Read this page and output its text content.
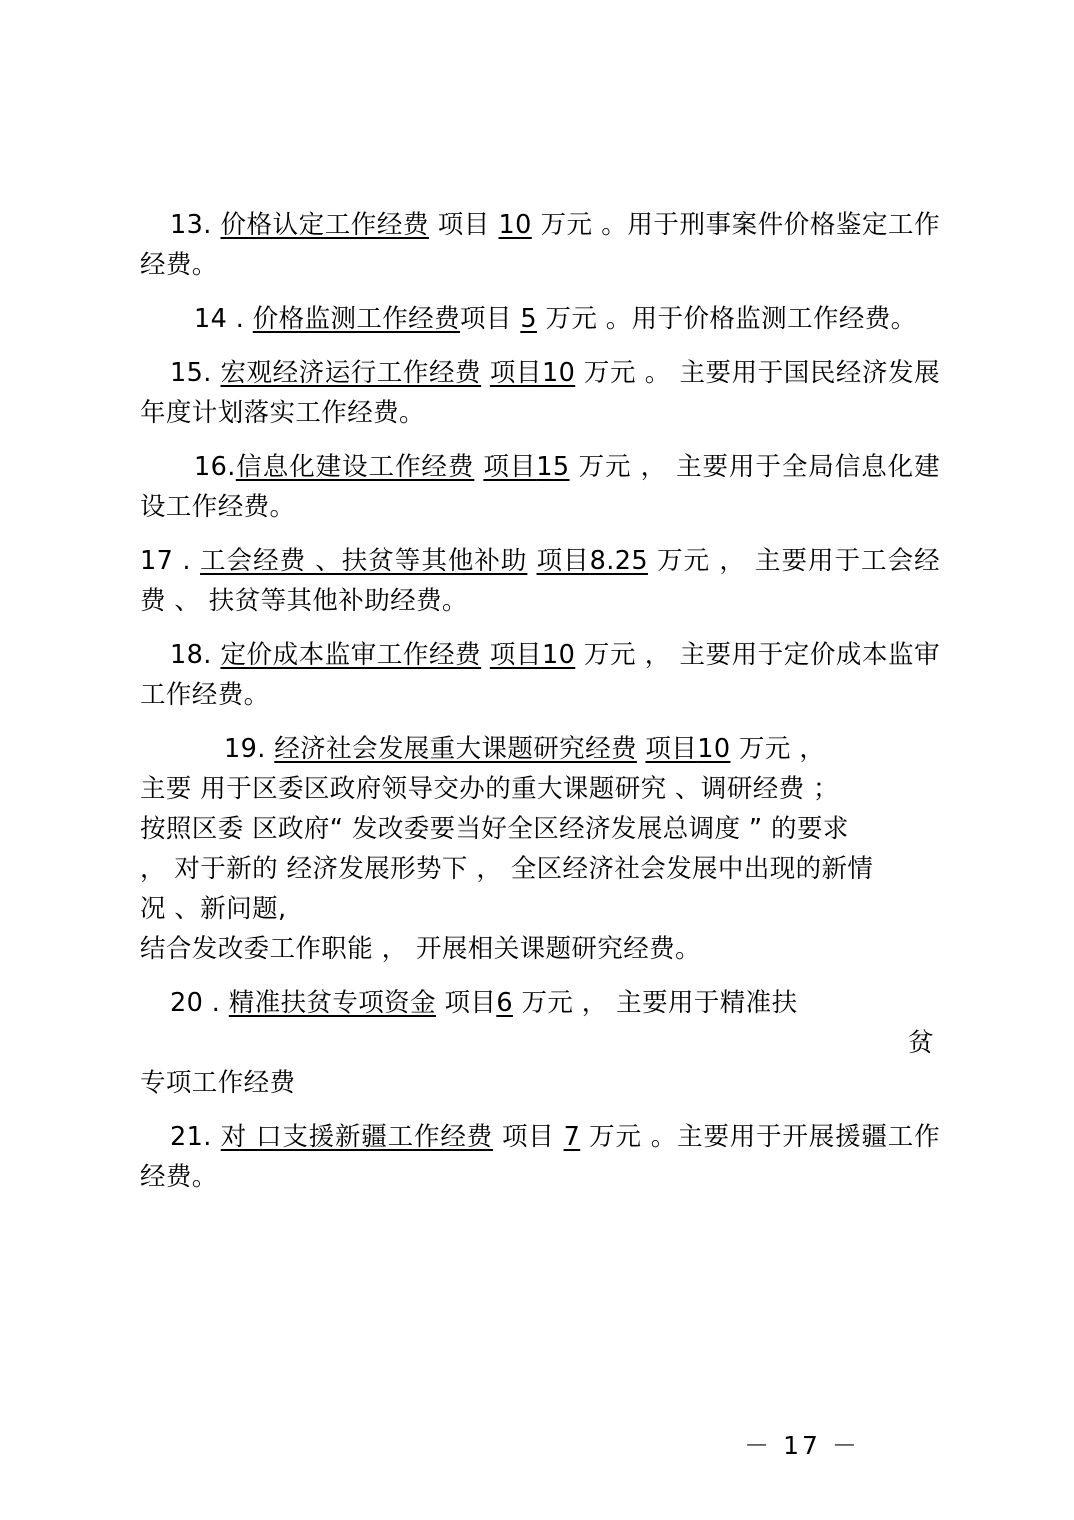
13. 价格认定工作经费 项目 10 万元 。用于刑事案件价格鉴定工作经费。

14 . 价格监测工作经费项目 5 万元 。用于价格监测工作经费。

15. 宏观经济运行工作经费 项目10 万元 。 主要用于国民经济发展年度计划落实工作经费。

16.信息化建设工作经费 项目15 万元 ， 主要用于全局信息化建设工作经费。

17 . 工会经费 、扶贫等其他补助 项目8.25 万元 ， 主要用于工会经费 、 扶贫等其他补助经费。

18. 定价成本监审工作经费 项目10 万元 ， 主要用于定价成本监审工作经费。

19. 经济社会发展重大课题研究经费 项目10 万元 ，

主要 用于区委区政府领导交办的重大课题研究 、调研经费 ；

按照区委 区政府“ 发改委要当好全区经济发展总调度 ” 的要求

， 对于新的 经济发展形势下 ， 全区经济社会发展中出现的新情

况 、新问题,

结合发改委工作职能 ， 开展相关课题研究经费。

20 . 精准扶贫专项资金 项目6 万元 ， 主要用于精准扶

贫

专项工作经费

21. 对 口支援新疆工作经费 项目 7 万元 。主要用于开展援疆工作经费。

－ 17 －
